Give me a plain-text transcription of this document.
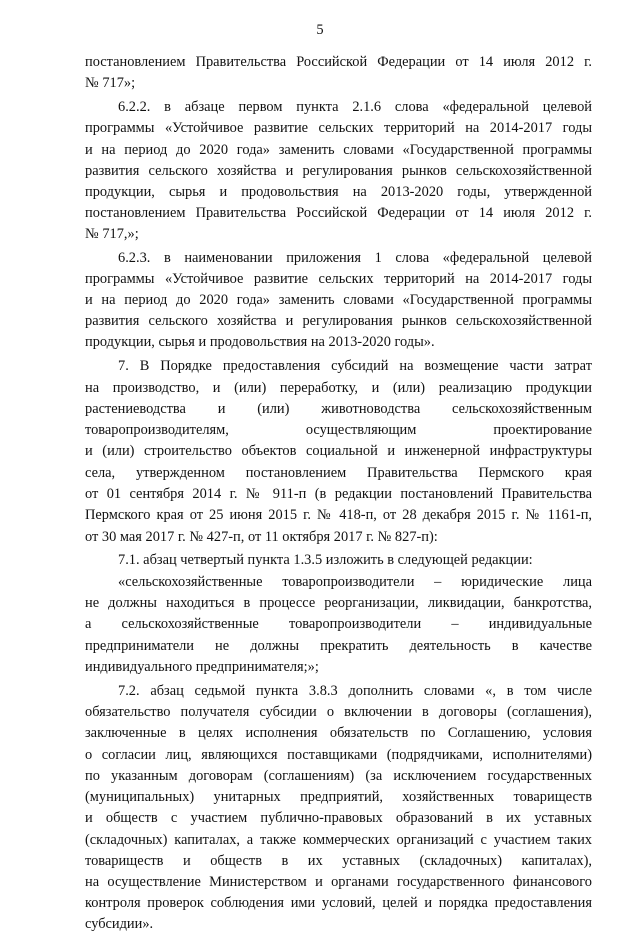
5
постановлением Правительства Российской Федерации от 14 июля 2012 г.
№ 717»;
6.2.2. в абзаце первом пункта 2.1.6 слова «федеральной целевой
программы «Устойчивое развитие сельских территорий на 2014-2017 годы
и на период до 2020 года» заменить словами «Государственной программы
развития сельского хозяйства и регулирования рынков сельскохозяйственной
продукции, сырья и продовольствия на 2013-2020 годы, утвержденной
постановлением Правительства Российской Федерации от 14 июля 2012 г.
№ 717,»;
6.2.3. в наименовании приложения 1 слова «федеральной целевой
программы «Устойчивое развитие сельских территорий на 2014-2017 годы
и на период до 2020 года» заменить словами «Государственной программы
развития сельского хозяйства и регулирования рынков сельскохозяйственной
продукции, сырья и продовольствия на 2013-2020 годы».
7. В Порядке предоставления субсидий на возмещение части затрат
на производство, и (или) переработку, и (или) реализацию продукции
растениеводства и (или) животноводства сельскохозяйственным
товаропроизводителям, осуществляющим проектирование
и (или) строительство объектов социальной и инженерной инфраструктуры
села, утвержденном постановлением Правительства Пермского края
от 01 сентября 2014 г. № 911-п (в редакции постановлений Правительства
Пермского края от 25 июня 2015 г. № 418-п, от 28 декабря 2015 г. № 1161-п,
от 30 мая 2017 г. № 427-п, от 11 октября 2017 г. № 827-п):
7.1. абзац четвертый пункта 1.3.5 изложить в следующей редакции:
«сельскохозяйственные товаропроизводители – юридические лица
не должны находиться в процессе реорганизации, ликвидации, банкротства,
а сельскохозяйственные товаропроизводители – индивидуальные
предприниматели не должны прекратить деятельность в качестве
индивидуального предпринимателя;»;
7.2. абзац седьмой пункта 3.8.3 дополнить словами «, в том числе
обязательство получателя субсидии о включении в договоры (соглашения),
заключенные в целях исполнения обязательств по Соглашению, условия
о согласии лиц, являющихся поставщиками (подрядчиками, исполнителями)
по указанным договорам (соглашениям) (за исключением государственных
(муниципальных) унитарных предприятий, хозяйственных товариществ
и обществ с участием публично-правовых образований в их уставных
(складочных) капиталах, а также коммерческих организаций с участием таких
товариществ и обществ в их уставных (складочных) капиталах),
на осуществление Министерством и органами государственного финансового
контроля проверок соблюдения ими условий, целей и порядка предоставления
субсидии».
